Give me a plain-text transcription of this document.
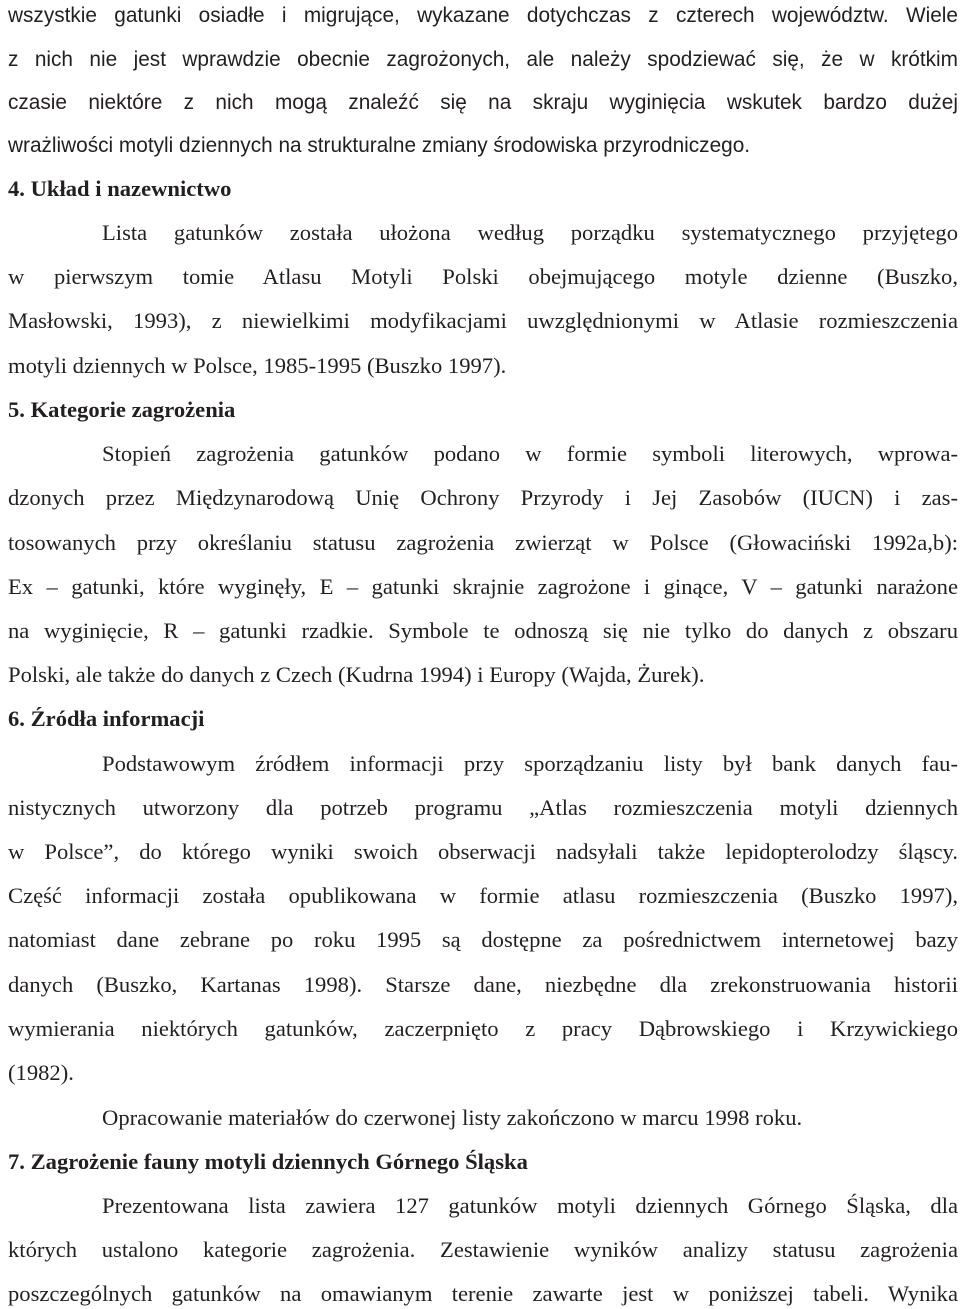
wszystkie gatunki osiadłe i migrujące, wykazane dotychczas z czterech województw. Wiele
z nich nie jest wprawdzie obecnie zagrożonych, ale należy spodziewać się, że w krótkim
czasie niektóre z nich mogą znaleźć się na skraju wyginięcia wskutek bardzo dużej
wrażliwości motyli dziennych na strukturalne zmiany środowiska przyrodniczego.
4. Układ i nazewnictwo
Lista gatunków została ułożona według porządku systematycznego przyjętego
w pierwszym tomie Atlasu Motyli Polski obejmującego motyle dzienne (Buszko,
Masłowski, 1993), z niewielkimi modyfikacjami uwzględnionymi w Atlasie rozmieszczenia
motyli dziennych w Polsce, 1985-1995 (Buszko 1997).
5. Kategorie zagrożenia
Stopień zagrożenia gatunków podano w formie symboli literowych, wprowa-
dzonych przez Międzynarodową Unię Ochrony Przyrody i Jej Zasobów (IUCN) i zas-
tosowanych przy określaniu statusu zagrożenia zwierząt w Polsce (Głowaciński 1992a,b):
Ex – gatunki, które wyginęły, E – gatunki skrajnie zagrożone i ginące, V – gatunki narażone
na wyginięcie, R – gatunki rzadkie. Symbole te odnoszą się nie tylko do danych z obszaru
Polski, ale także do danych z Czech (Kudrna 1994) i Europy (Wajda, Żurek).
6. Źródła informacji
Podstawowym źródłem informacji przy sporządzaniu listy był bank danych fau-
nistycznych utworzony dla potrzeb programu „Atlas rozmieszczenia motyli dziennych
w Polsce”, do którego wyniki swoich obserwacji nadsyłali także lepidopterolodzy śląscy.
Część informacji została opublikowana w formie atlasu rozmieszczenia (Buszko 1997),
natomiast dane zebrane po roku 1995 są dostępne za pośrednictwem internetowej bazy
danych (Buszko, Kartanas 1998). Starsze dane, niezbędne dla zrekonstruowania historii
wymierania niektórych gatunków, zaczerpnięto z pracy Dąbrowskiego i Krzywickiego
(1982).
Opracowanie materiałów do czerwonej listy zakończono w marcu 1998 roku.
7. Zagrożenie fauny motyli dziennych Górnego Śląska
Prezentowana lista zawiera 127 gatunków motyli dziennych Górnego Śląska, dla
których ustalono kategorie zagrożenia. Zestawienie wyników analizy statusu zagrożenia
poszczególnych gatunków na omawianym terenie zawarte jest w poniższej tabeli. Wynika
